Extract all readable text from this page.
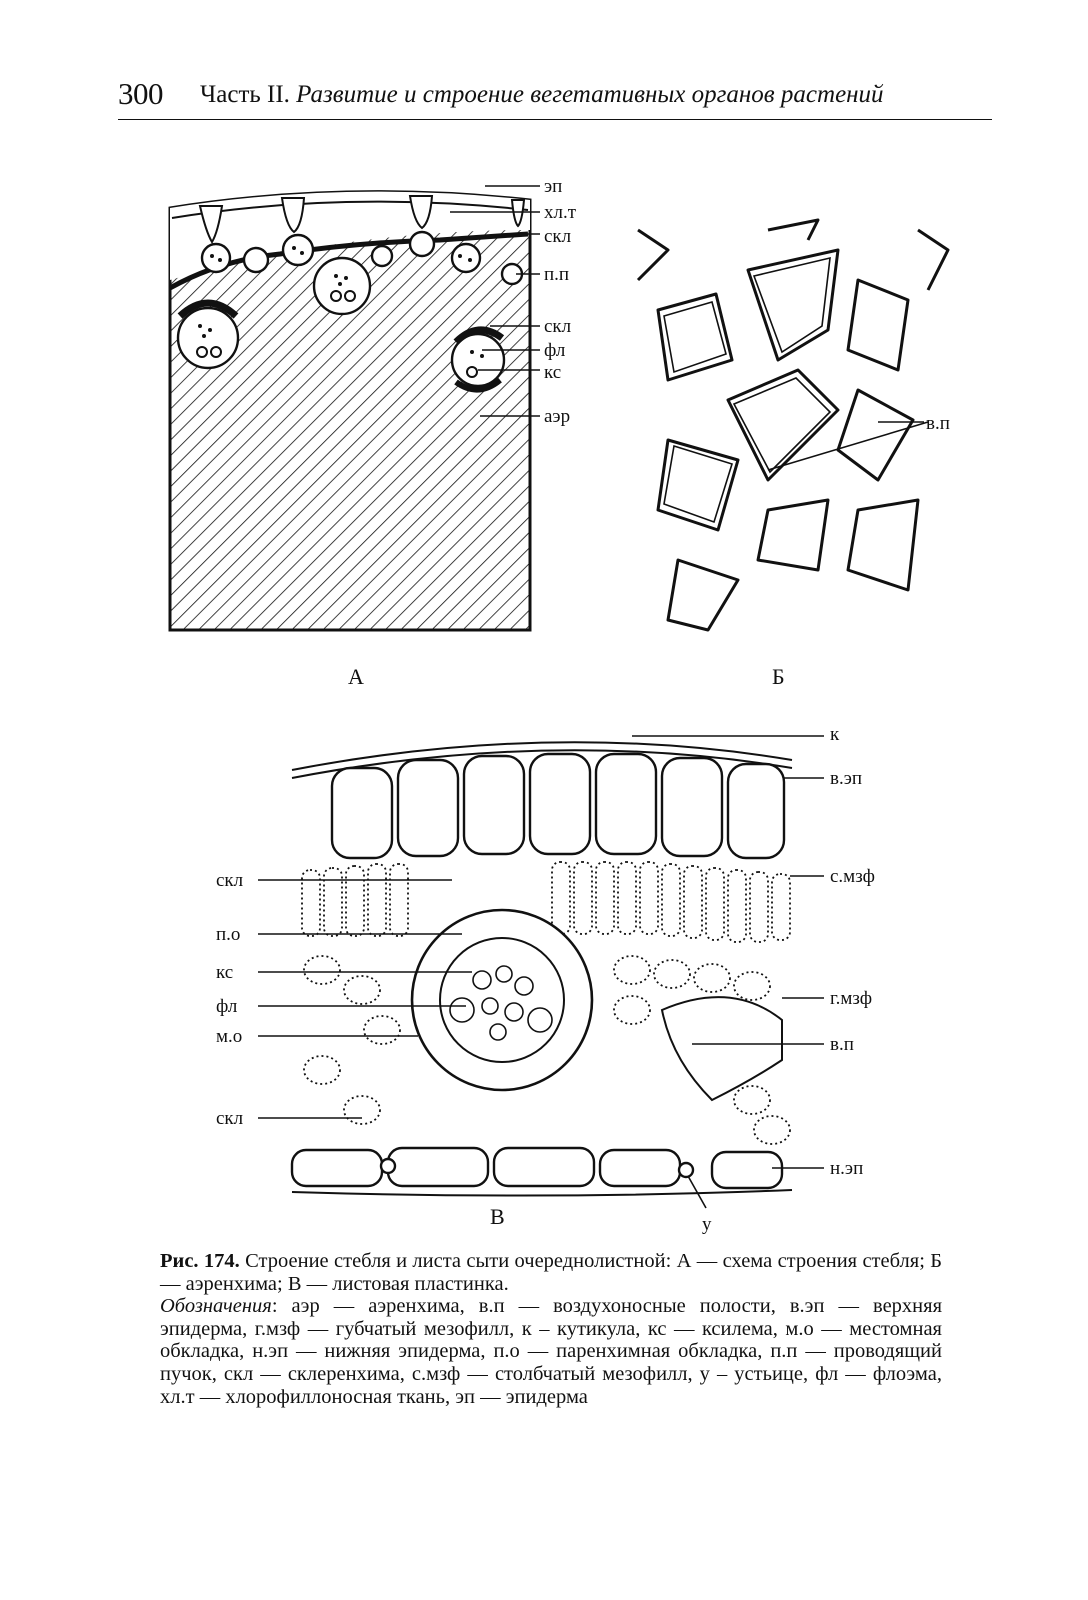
300 Часть II. Развитие и строение вегетативных органов растений
эп
хл.т
скл
п.п
скл
фл
кс
аэр
А
в.п
Б
к
в.эп
с.мзф
г.мзф
в.п
н.эп
скл
п.о
кс
фл
м.о
скл
у
В

Рис. 174. Строение стебля и листа сыти очереднолистной: А — схема строения стебля; Б — аэренхима; В — листовая пластинка.

Обозначения: аэр — аэренхима, в.п — воздухоносные полости, в.эп — верхняя эпидерма, г.мзф — губчатый мезофилл, к – кутикула, кс — ксилема, м.о — местомная обкладка, н.эп — нижняя эпидерма, п.о — паренхимная обкладка, п.п — проводящий пучок, скл — склеренхима, с.мзф — столбчатый мезофилл, у – устьице, фл — флоэма, хл.т — хлорофиллоносная ткань, эп — эпидерма
